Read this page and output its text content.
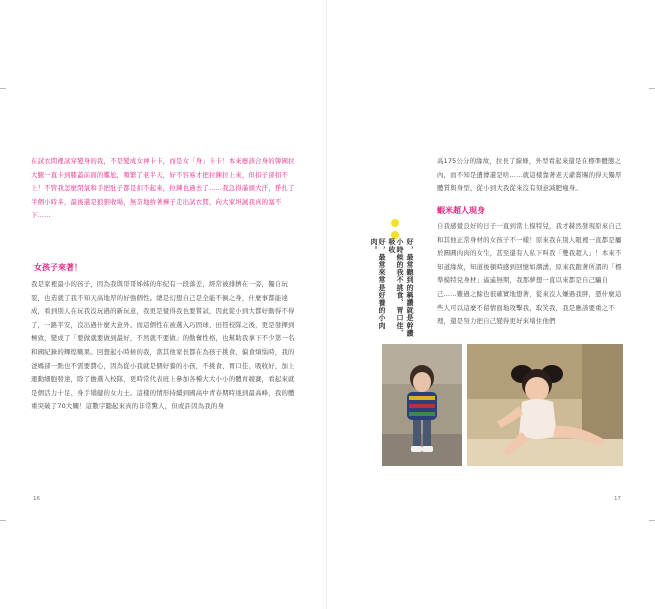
在試衣間裡試穿變身的我，不是變成女神卡卡，而是女「身」卡卡！本來應該合身的韓國拉大腿一直卡到膝蓋前面的尷尬，頻繁了老半天，好不容易才把拉鍊拉上來，但扣子卻扣不上！不管我怎麼閉氣和手把肚子都是扣不起來，拉鍊也過去了……我急得滿頭大汗，掙扎了半個小時多，最後還是狼狽收場，無奈地拚著褲子走出試衣間，向大家坦誠我真的塞不下……

女孩子來著！

我是家裡最小的孩子，因為我與哥哥姊姊的年紀有一段落差，經常被排擠在一旁，獨自玩耍，也造就了我不知天高地厚的好強個性。總是幻想自己是全能不倒之身，什麼事都能達成，看到別人在玩我沒玩過的新玩意，我更是覺得我也要嘗試，因此從小到大都好動得不得了，一路平安，沒出過什麼大意外。而這個性在被選入巧固球、田徑校隊之後，更是發揮到極致，變成了「要做就要做到最好，不然就不要做」的勤奮性格，也幫助我拿下不少第一名和國紀錄的輝煌戰果。回想起小時候的我，當其他家長都在為孩子挑食、偏食煩惱時，我的爸媽卻一點也不需要費心，因為從小我就是個好養的小孩，不挑食、胃口佳、吸收好，加上運動細胞發達，除了擔選入校隊，更時常代表班上參加各種大大小小的體育競賽，看起來就是個活力十足、身手矯健的女力士。這樣的情形持續到國高中青春期時達到最高峰，我的體重突破了70大關！這數字聽起來真的非常驚人，但或許因為我的身

16

高175公分的緣故，拉長了線條，外型看起來還是在標準體態之內，而不知是遺傳還是啥……就這樣靠著老天爺賞賜的得天獨厚體質與身型，從小到大我從來沒有刻意減肥瘦身。

蝦米超人現身

自我感覺良好的日子一直到當上模特兒，我才赫然發現原來自己和其他正常身材的女孩子不一樣！原來我在別人眼裡一直都是屬於圓圓肉肉的女生，甚至還有人私下叫我「雙我超人」！本來不知道緣故，知道後頓時感到回憶如潮湧，原來我跑著所謂的「標準模特兒身材」遙遙無期，我那夢想一直以來都是自己騙自己……難過之餘也很確實地想著，從來沒人嫌過我胖，憑什麼這些人可以這麼不留情面地攻擊我、取笑我，我是應該要重之不理，還是努力把自己變得更好來堵住他們

好，最常聽到的稱讚就是幹讚
小時候的我不挑食、胃口佳、吸收
好，最常來常是好養的小肉肉。
17
